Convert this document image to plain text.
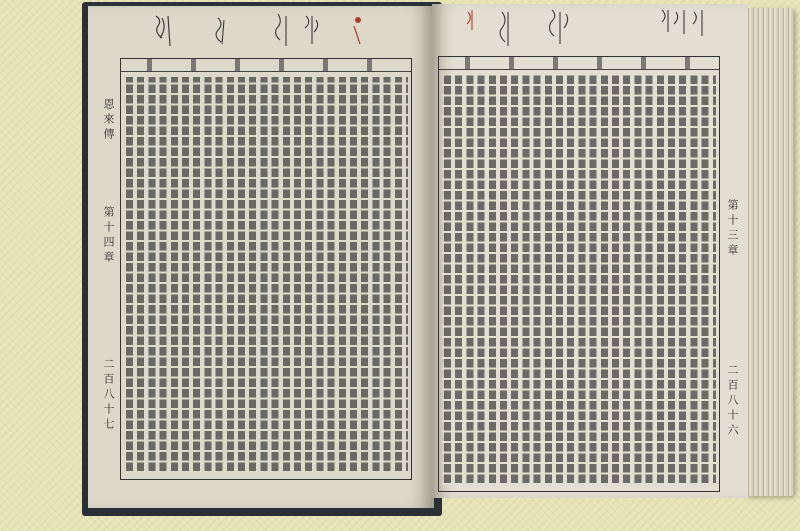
恩來傳
第十四章
二百八十七
第十三章
二百八十六
